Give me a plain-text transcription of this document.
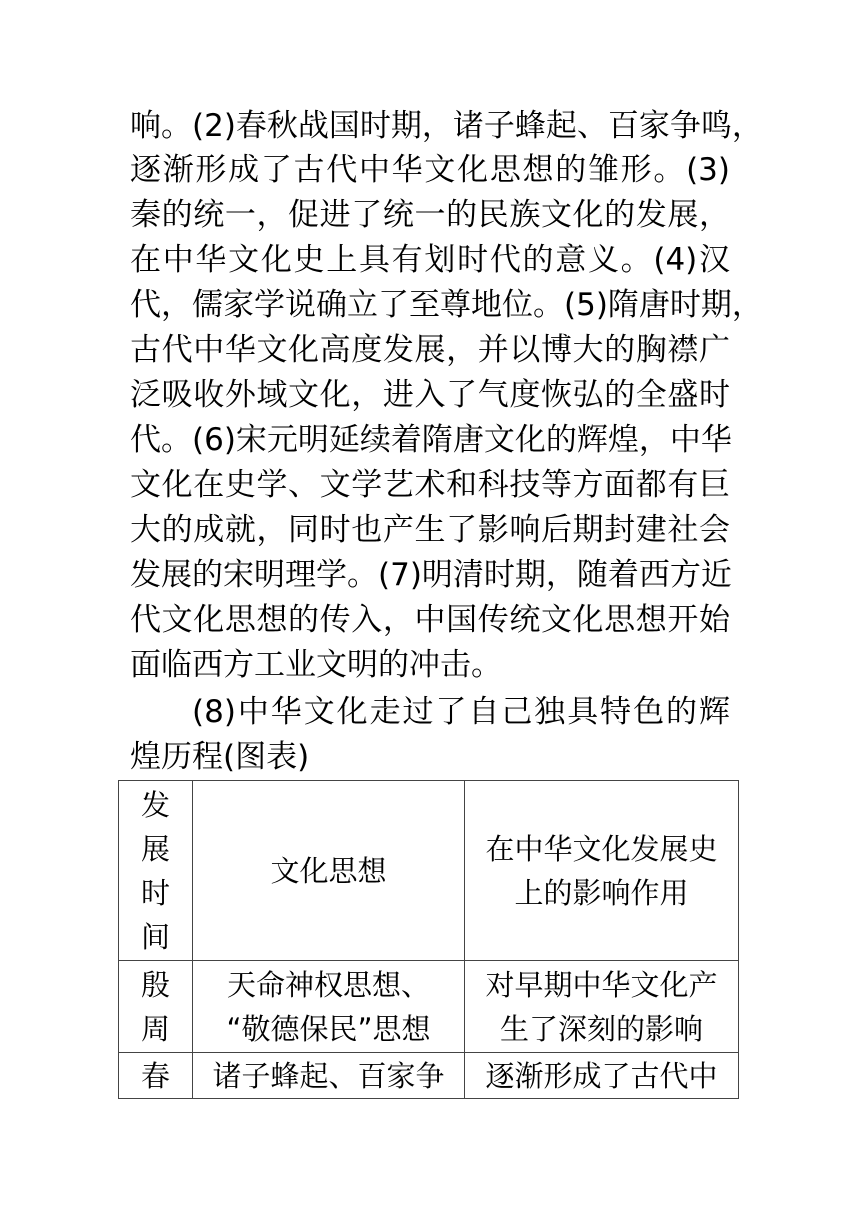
响。(2)春秋战国时期，诸子蜂起、百家争鸣，
逐渐形成了古代中华文化思想的雏形。(3)
秦的统一，促进了统一的民族文化的发展，
在中华文化史上具有划时代的意义。(4)汉
代，儒家学说确立了至尊地位。(5)隋唐时期，
古代中华文化高度发展，并以博大的胸襟广
泛吸收外域文化，进入了气度恢弘的全盛时
代。(6)宋元明延续着隋唐文化的辉煌，中华
文化在史学、文学艺术和科技等方面都有巨
大的成就，同时也产生了影响后期封建社会
发展的宋明理学。(7)明清时期，随着西方近
代文化思想的传入，中国传统文化思想开始
面临西方工业文明的冲击。
(8)中华文化走过了自己独具特色的辉
煌历程(图表)
发
展
时
间	文化思想	在中华文化发展史
上的影响作用

殷
周	天命神权思想、
“敬德保民”思想	对早期中华文化产
生了深刻的影响

春	诸子蜂起、百家争	逐渐形成了古代中
